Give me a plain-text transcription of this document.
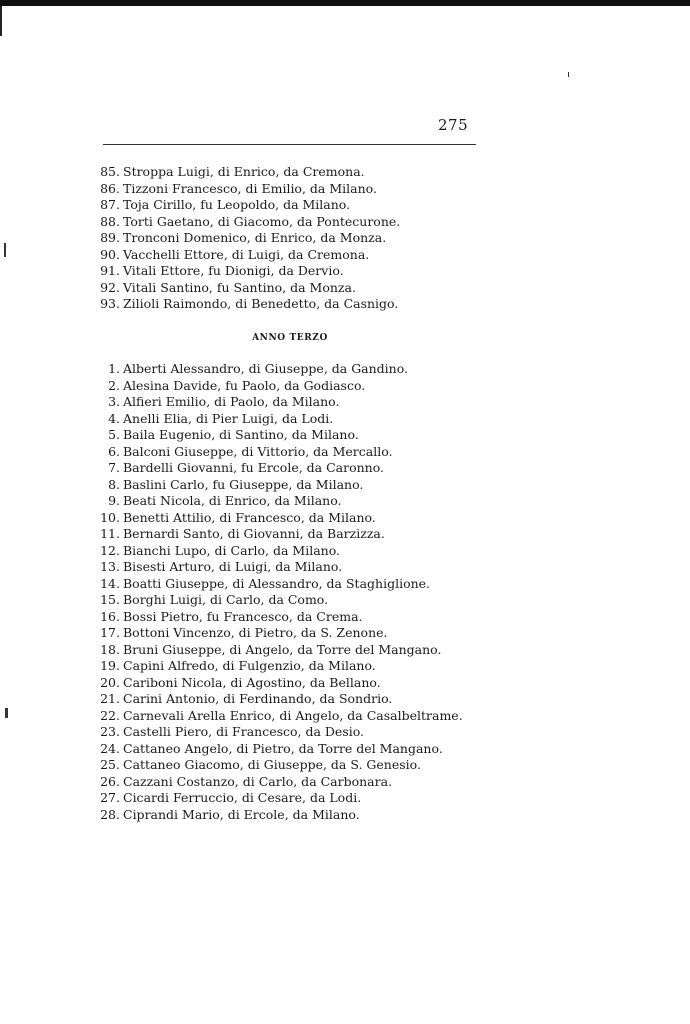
275
85. Stroppa Luigi, di Enrico, da Cremona.
86. Tizzoni Francesco, di Emilio, da Milano.
87. Toja Cirillo, fu Leopoldo, da Milano.
88. Torti Gaetano, di Giacomo, da Pontecurone.
89. Tronconi Domenico, di Enrico, da Monza.
90. Vacchelli Ettore, di Luigi, da Cremona.
91. Vitali Ettore, fu Dionigi, da Dervio.
92. Vitali Santino, fu Santino, da Monza.
93. Zilioli Raimondo, di Benedetto, da Casnigo.
ANNO TERZO
1. Alberti Alessandro, di Giuseppe, da Gandino.
2. Alesina Davide, fu Paolo, da Godiasco.
3. Alfieri Emilio, di Paolo, da Milano.
4. Anelli Elia, di Pier Luigi, da Lodi.
5. Baila Eugenio, di Santino, da Milano.
6. Balconi Giuseppe, di Vittorio, da Mercallo.
7. Bardelli Giovanni, fu Ercole, da Caronno.
8. Baslini Carlo, fu Giuseppe, da Milano.
9. Beati Nicola, di Enrico, da Milano.
10. Benetti Attilio, di Francesco, da Milano.
11. Bernardi Santo, di Giovanni, da Barzizza.
12. Bianchi Lupo, di Carlo, da Milano.
13. Bisesti Arturo, di Luigi, da Milano.
14. Boatti Giuseppe, di Alessandro, da Staghiglione.
15. Borghi Luigi, di Carlo, da Como.
16. Bossi Pietro, fu Francesco, da Crema.
17. Bottoni Vincenzo, di Pietro, da S. Zenone.
18. Bruni Giuseppe, di Angelo, da Torre del Mangano.
19. Capini Alfredo, di Fulgenzio, da Milano.
20. Cariboni Nicola, di Agostino, da Bellano.
21. Carini Antonio, di Ferdinando, da Sondrio.
22. Carnevali Arella Enrico, di Angelo, da Casalbeltrame.
23. Castelli Piero, di Francesco, da Desio.
24. Cattaneo Angelo, di Pietro, da Torre del Mangano.
25. Cattaneo Giacomo, di Giuseppe, da S. Genesio.
26. Cazzani Costanzo, di Carlo, da Carbonara.
27. Cicardi Ferruccio, di Cesare, da Lodi.
28. Ciprandi Mario, di Ercole, da Milano.
